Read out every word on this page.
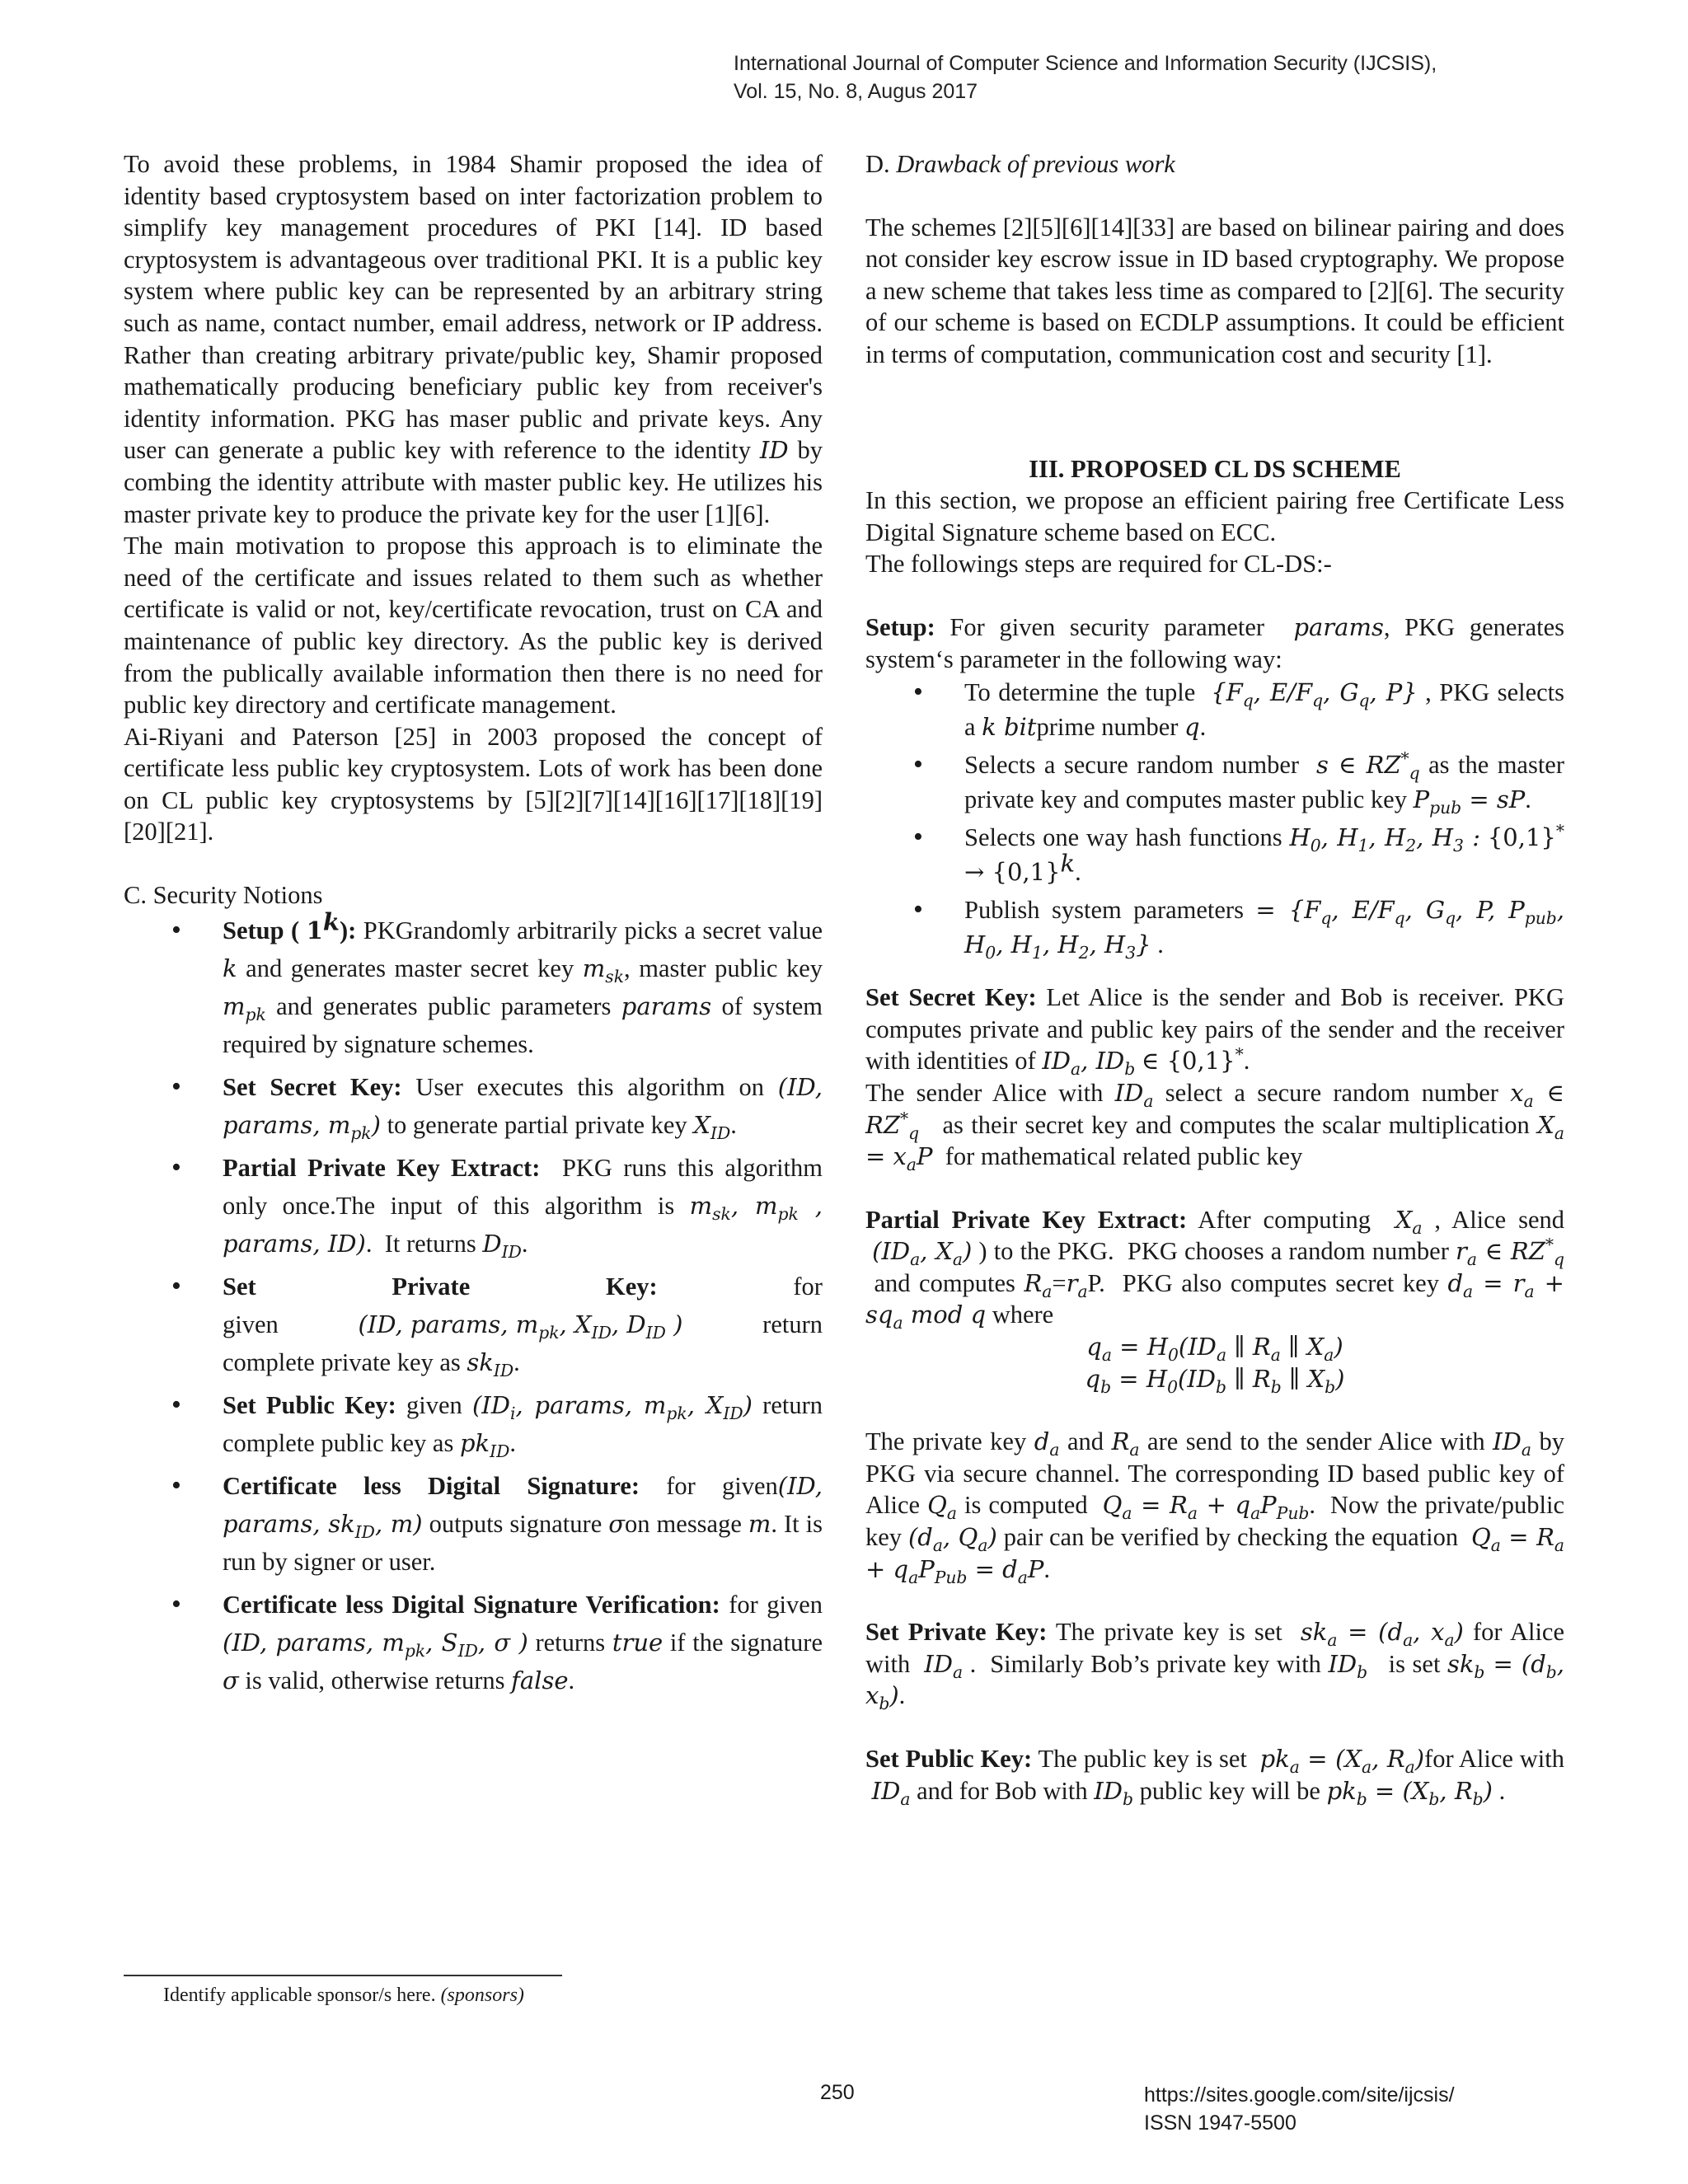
International Journal of Computer Science and Information Security (IJCSIS),
Vol. 15, No. 8, Augus 2017

To avoid these problems, in 1984 Shamir proposed the idea of identity based cryptosystem based on inter factorization problem to simplify key management procedures of PKI [14]. ID based cryptosystem is advantageous over traditional PKI. It is a public key system where public key can be represented by an arbitrary string such as name, contact number, email address, network or IP address. Rather than creating arbitrary private/public key, Shamir proposed mathematically producing beneficiary public key from receiver's identity information. PKG has maser public and private keys. Any user can generate a public key with reference to the identity ID by combing the identity attribute with master public key. He utilizes his master private key to produce the private key for the user [1][6].

The main motivation to propose this approach is to eliminate the need of the certificate and issues related to them such as whether certificate is valid or not, key/certificate revocation, trust on CA and maintenance of public key directory. As the public key is derived from the publically available information then there is no need for public key directory and certificate management.

Ai-Riyani and Paterson [25] in 2003 proposed the concept of certificate less public key cryptosystem. Lots of work has been done on CL public key cryptosystems by [5][2][7][14][16][17][18][19][20][21].

C. Security Notions

• Setup ( 1$^k$): PKGrandomly arbitrarily picks a secret value k and generates master secret key $m_{sk}$, master public key $m_{pk}$ and generates public parameters params of system required by signature schemes.
• Set Secret Key: User executes this algorithm on (ID, params, $m_{pk}$) to generate partial private key $X_{ID}$.
• Partial Private Key Extract:  PKG runs this algorithm only once.The input of this algorithm is $m_{sk}$, $m_{pk}$ , params, ID).  It returns $D_{ID}$.
• Set	Private	Key:	for
given	(ID, params, $m_{pk}$, $X_{ID}$, $D_{ID}$ )	return
complete private key as $sk_{ID}$.
• Set Public Key: given ($ID_i$, params, $m_{pk}$, $X_{ID}$) return complete public key as $pk_{ID}$.
• Certificate less Digital Signature: for given(ID, params, $sk_{ID}$, m) outputs signature σon message m. It is run by signer or user.
• Certificate less Digital Signature Verification: for given (ID, params, $m_{pk}$, $S_{ID}$, σ ) returns true if the signature σ is valid, otherwise returns false.

D. Drawback of previous work

The schemes [2][5][6][14][33] are based on bilinear pairing and does not consider key escrow issue in ID based cryptography. We propose a new scheme that takes less time as compared to [2][6]. The security of our scheme is based on ECDLP assumptions. It could be efficient in terms of computation, communication cost and security [1].

III. PROPOSED CL DS SCHEME

In this section, we propose an efficient pairing free Certificate Less Digital Signature scheme based on ECC.

The followings steps are required for CL-DS:-

Setup: For given security parameter  params, PKG generates system‘s parameter in the following way:

• To determine the tuple  {$F_q$, $E/F_q$, $G_q$, P} , PKG selects a k bitprime number q.
• Selects a secure random number  s ∈ $RZ^*_q$ as the master private key and computes master public key $P_{pub}$ = sP.
• Selects one way hash functions $H_0$, $H_1$, $H_2$, $H_3$ : $\{0,1\}^* \to \{0,1\}^k$.
• Publish system parameters = {$F_q$, $E/F_q$, $G_q$, P, $P_{pub}$, $H_0$, $H_1$, $H_2$, $H_3$} .

Set Secret Key: Let Alice is the sender and Bob is receiver. PKG computes private and public key pairs of the sender and the receiver with identities of $ID_a$, $ID_b$ ∈ {0,1}*.

The sender Alice with $ID_a$ select a secure random number $x_a$ ∈ $RZ^*_q$   as their secret key and computes the scalar multiplication $X_a = x_aP$  for mathematical related public key

Partial Private Key Extract: After computing  $X_a$ , Alice send  ($ID_a$, $X_a$) ) to the PKG.  PKG chooses a random number $r_a$ ∈ $RZ^*_q$  and computes $R_a=r_aP$.  PKG also computes secret key $d_a = r_a + sq_a$ mod q where

$q_a = H_0(ID_a$ ∥ $R_a$ ∥ $X_a$)

$q_b = H_0(ID_b$ ∥ $R_b$ ∥ $X_b$)

The private key $d_a$ and $R_a$ are send to the sender Alice with $ID_a$ by PKG via secure channel. The corresponding ID based public key of Alice $Q_a$ is computed  $Q_a = R_a + q_aP_{Pub}$.  Now the private/public key ($d_a$, $Q_a$) pair can be verified by checking the equation  $Q_a = R_a + q_aP_{Pub} = d_aP$.

Set Private Key: The private key is set  $sk_a = (d_a$, $x_a$) for Alice with  $ID_a$ .  Similarly Bob’s private key with $ID_b$   is set $sk_b = (d_b$, $x_b$).

Set Public Key: The public key is set  $pk_a = (X_a$, $R_a)for$ Alice with  $ID_a$ and for Bob with $ID_b$ public key will be $pk_b = (X_b$, $R_b$) .

Identify applicable sponsor/s here. (sponsors)
250	https://sites.google.com/site/ijcsis/
ISSN 1947-5500
